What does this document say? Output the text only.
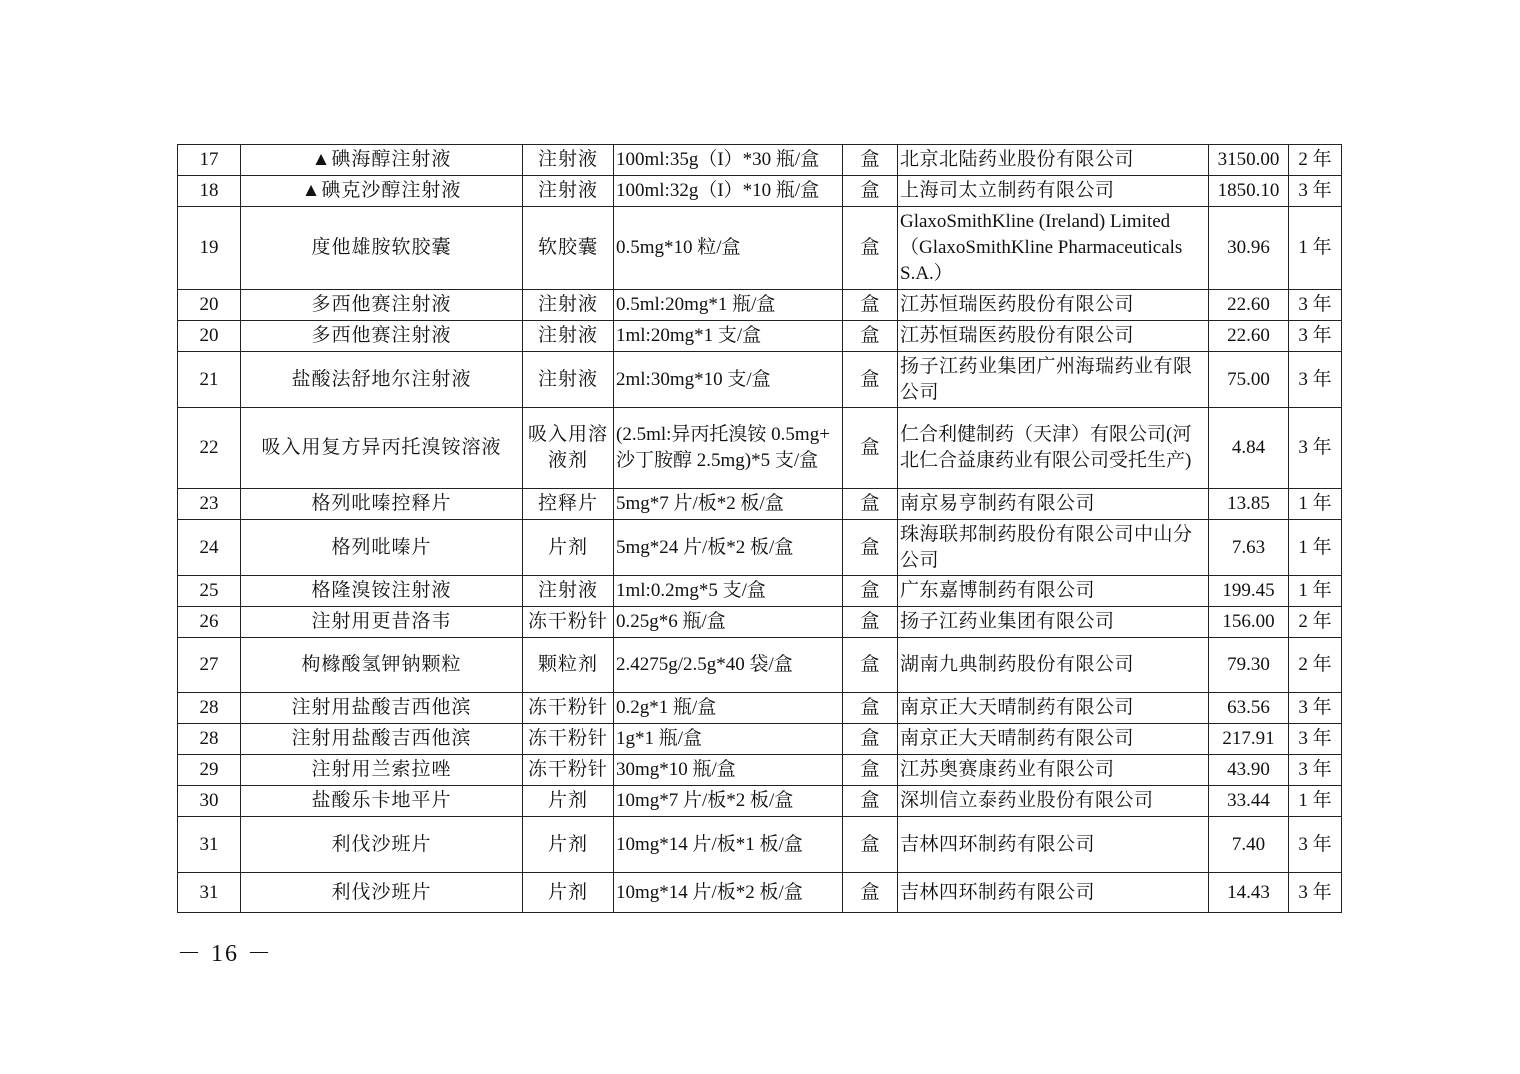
17	▲碘海醇注射液	注射液	100ml:35g（I）*30 瓶/盒	盒	北京北陆药业股份有限公司	3150.00	2 年
18	▲碘克沙醇注射液	注射液	100ml:32g（I）*10 瓶/盒	盒	上海司太立制药有限公司	1850.10	3 年
19	度他雄胺软胶囊	软胶囊	0.5mg*10 粒/盒	盒	GlaxoSmithKline (Ireland) Limited （GlaxoSmithKline Pharmaceuticals S.A.）	30.96	1 年
20	多西他赛注射液	注射液	0.5ml:20mg*1 瓶/盒	盒	江苏恒瑞医药股份有限公司	22.60	3 年
20	多西他赛注射液	注射液	1ml:20mg*1 支/盒	盒	江苏恒瑞医药股份有限公司	22.60	3 年
21	盐酸法舒地尔注射液	注射液	2ml:30mg*10 支/盒	盒	扬子江药业集团广州海瑞药业有限公司	75.00	3 年
22	吸入用复方异丙托溴铵溶液	吸入用溶液剂	(2.5ml:异丙托溴铵 0.5mg+ 沙丁胺醇 2.5mg)*5 支/盒	盒	仁合利健制药（天津）有限公司(河北仁合益康药业有限公司受托生产)	4.84	3 年
23	格列吡嗪控释片	控释片	5mg*7 片/板*2 板/盒	盒	南京易亨制药有限公司	13.85	1 年
24	格列吡嗪片	片剂	5mg*24 片/板*2 板/盒	盒	珠海联邦制药股份有限公司中山分公司	7.63	1 年
25	格隆溴铵注射液	注射液	1ml:0.2mg*5 支/盒	盒	广东嘉博制药有限公司	199.45	1 年
26	注射用更昔洛韦	冻干粉针	0.25g*6 瓶/盒	盒	扬子江药业集团有限公司	156.00	2 年
27	枸橼酸氢钾钠颗粒	颗粒剂	2.4275g/2.5g*40 袋/盒	盒	湖南九典制药股份有限公司	79.30	2 年
28	注射用盐酸吉西他滨	冻干粉针	0.2g*1 瓶/盒	盒	南京正大天晴制药有限公司	63.56	3 年
28	注射用盐酸吉西他滨	冻干粉针	1g*1 瓶/盒	盒	南京正大天晴制药有限公司	217.91	3 年
29	注射用兰索拉唑	冻干粉针	30mg*10 瓶/盒	盒	江苏奥赛康药业有限公司	43.90	3 年
30	盐酸乐卡地平片	片剂	10mg*7 片/板*2 板/盒	盒	深圳信立泰药业股份有限公司	33.44	1 年
31	利伐沙班片	片剂	10mg*14 片/板*1 板/盒	盒	吉林四环制药有限公司	7.40	3 年
31	利伐沙班片	片剂	10mg*14 片/板*2 板/盒	盒	吉林四环制药有限公司	14.43	3 年
－ 16 －
